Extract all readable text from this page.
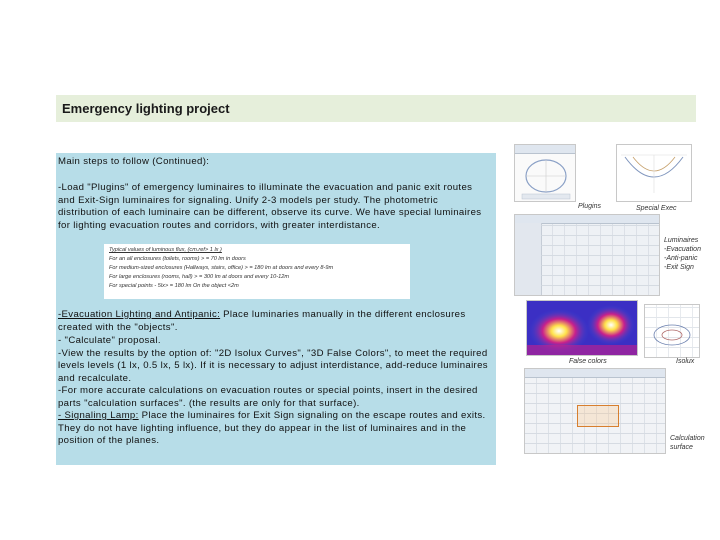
Emergency lighting project
Main steps to follow (Continued):
-Load "Plugins" of emergency luminaires to illuminate the evacuation and panic exit routes and Exit-Sign luminaires for signaling. Unify 2-3 models per study. The photometric distribution of each luminaire can be different, observe its curve. We have special luminaires for lighting evacuation routes and corridors, with greater interdistance.
Typical values of luminous flux, (cm.ref> 1 lx )
For an all enclosures (toilets, rooms) > = 70 lm in doors
For medium-sized enclosures (Hallways, stairs, office) > = 180 lm at doors and every 8-9m
For large enclosures (rooms, hall) > = 300 lm at doors and every 10-12m
For special points - 5lx> = 180 lm On the object <2m
-Evacuation Lighting and Antipanic: Place luminaries manually in the different enclosures created with the "objects".
- "Calculate" proposal.
-View the results by the option of: "2D Isolux Curves", "3D False Colors", to meet the required levels levels (1 lx, 0.5 lx, 5 lx). If it is necessary to adjust interdistance, add-reduce luminaires and recalculate.
-For more accurate calculations on evacuation routes or special points, insert in the desired parts "calculation surfaces". (the results are only for that surface).
- Signaling Lamp: Place the luminaires for Exit Sign signaling on the escape routes and exits. They do not have lighting influence, but they do appear in the list of luminaires and in the position of the planes.
Plugins	Special Exec
Luminaires
-Evacuation
-Anti-panic
-Exit Sign
False colors	Isolux
Calculation
surface
